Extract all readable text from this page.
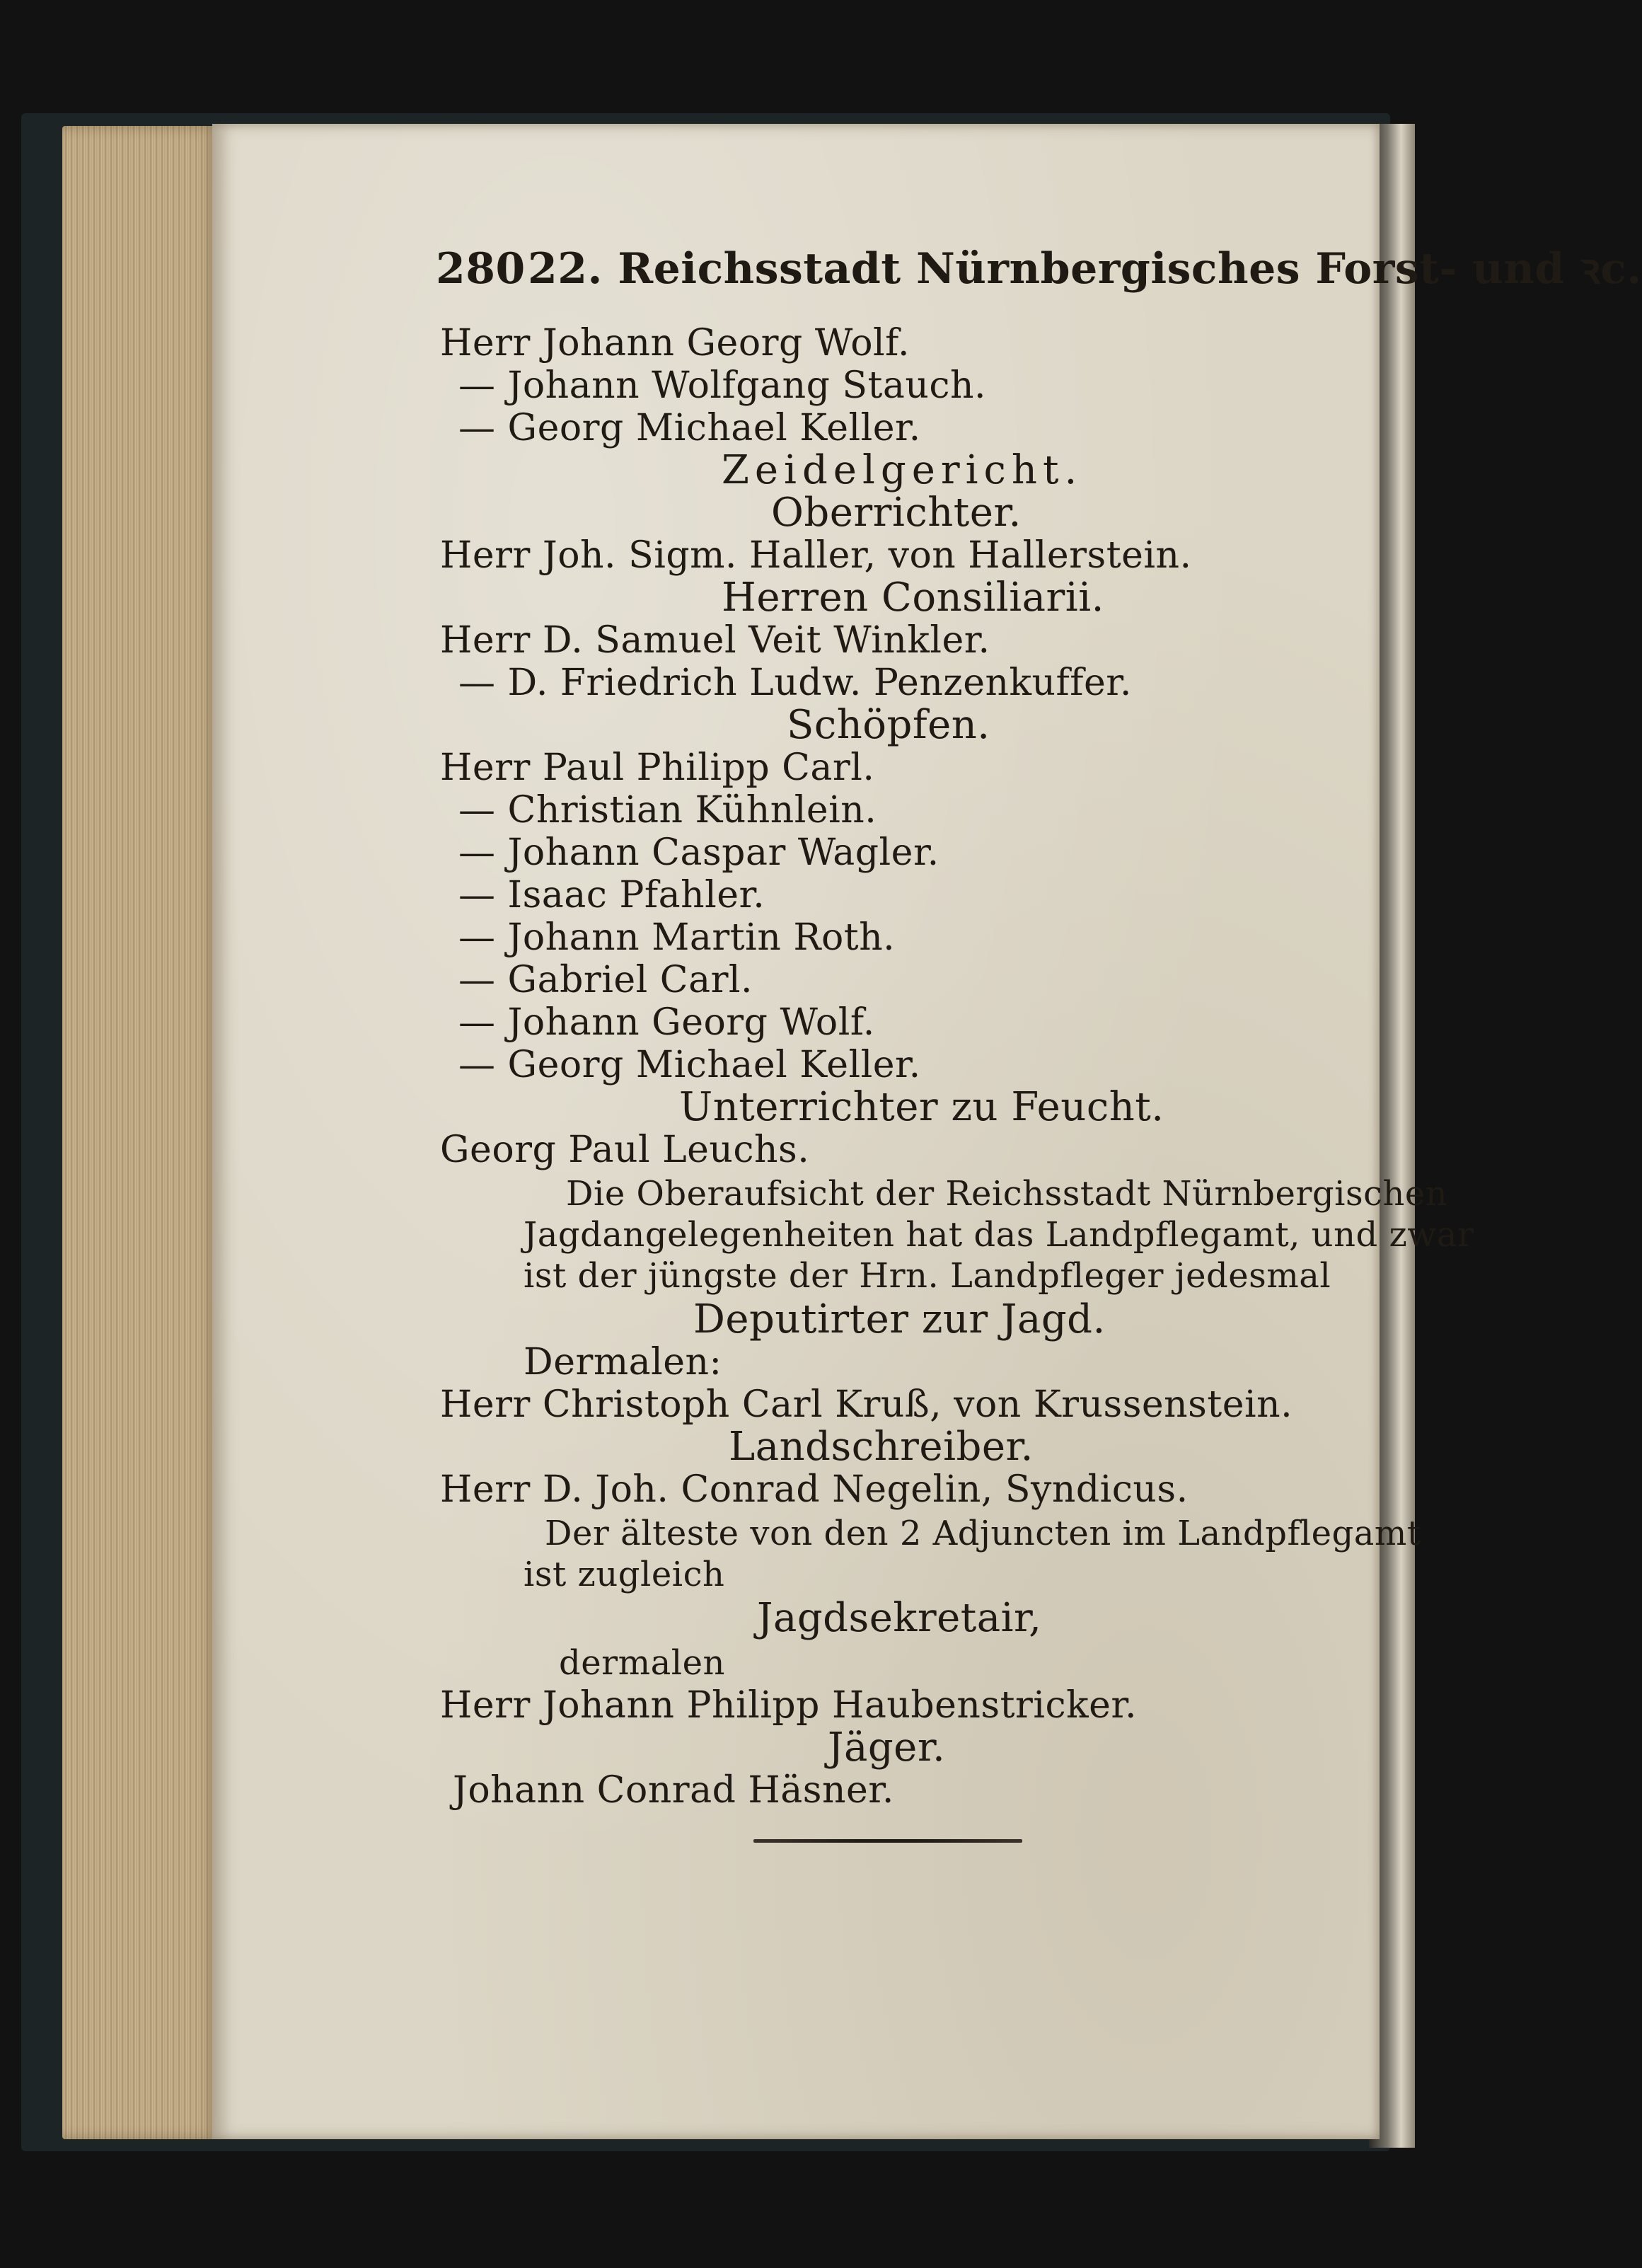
280 22. Reichsstadt Nürnbergisches Forst- und ꝛc.
Herr Johann Georg Wolf.
— Johann Wolfgang Stauch.
— Georg Michael Keller.
Zeidelgericht.
Oberrichter.
Herr Joh. Sigm. Haller, von Hallerstein.
Herren Consiliarii.
Herr D. Samuel Veit Winkler.
— D. Friedrich Ludw. Penzenkuffer.
Schöpfen.
Herr Paul Philipp Carl.
— Christian Kühnlein.
— Johann Caspar Wagler.
— Isaac Pfahler.
— Johann Martin Roth.
— Gabriel Carl.
— Johann Georg Wolf.
— Georg Michael Keller.
Unterrichter zu Feucht.
Georg Paul Leuchs.
Die Oberaufsicht der Reichsstadt Nürnbergischen
Jagdangelegenheiten hat das Landpflegamt, und zwar
ist der jüngste der Hrn. Landpfleger jedesmal
Deputirter zur Jagd.
Dermalen:
Herr Christoph Carl Kruß, von Krussenstein.
Landschreiber.
Herr D. Joh. Conrad Negelin, Syndicus.
Der älteste von den 2 Adjuncten im Landpflegamt
ist zugleich
Jagdsekretair,
dermalen
Herr Johann Philipp Haubenstricker.
Jäger.
Johann Conrad Häsner.
